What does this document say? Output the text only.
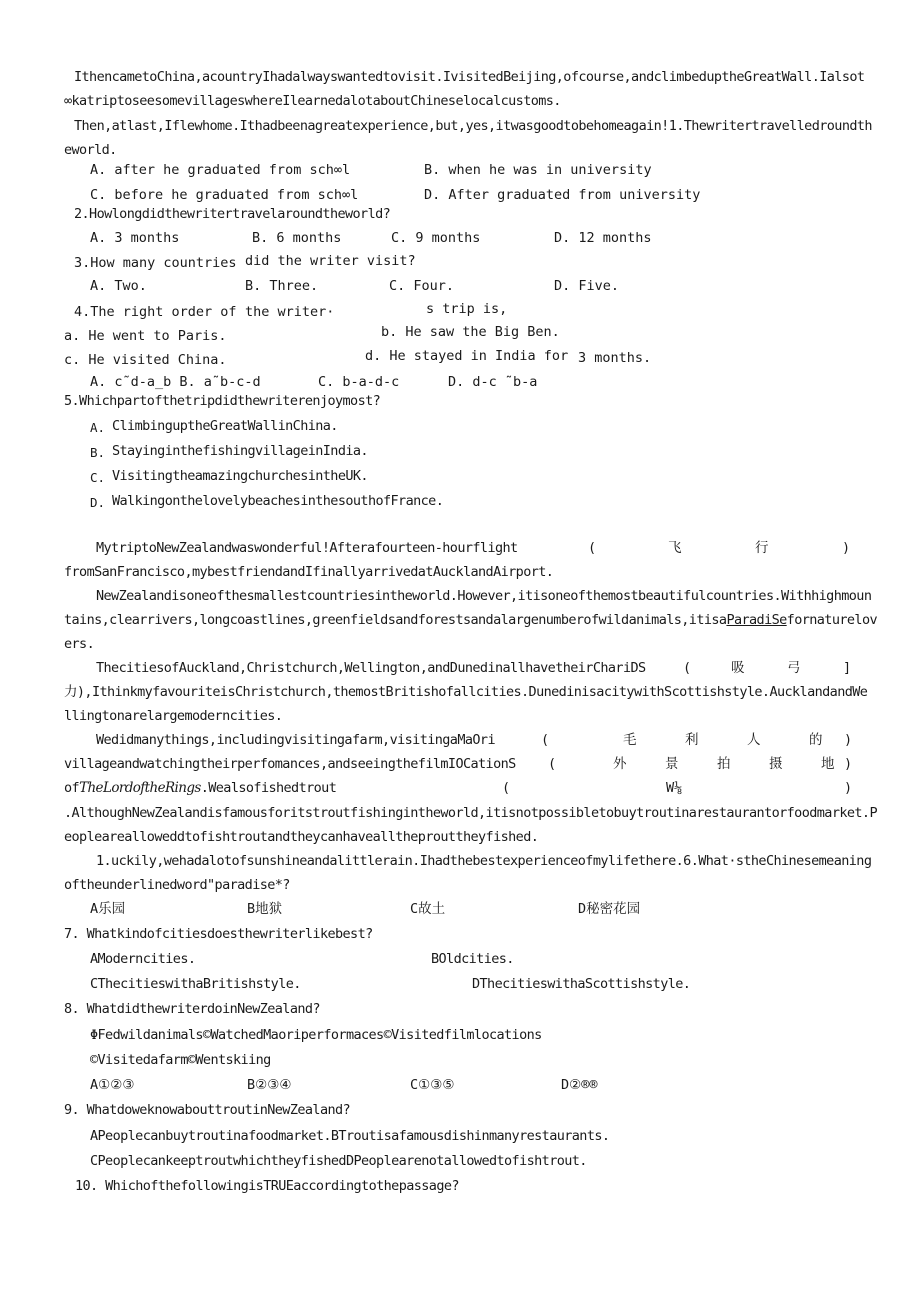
IthencametoChina,acountryIhadalwayswantedtovisit.IvisitedBeijing,ofcourse,andclimbeduptheGreatWall.Ialsot
∞katriptoseesomevillageswhereIlearnedalotaboutChineselocalcustoms.
Then,atlast,Iflewhome.Ithadbeenagreatexperience,but,yes,itwasgoodtobehomeagain!1.Thewritertravelledroundth
eworld.
A. after he graduated from sch∞l	B. when he was in university
C. before he graduated from sch∞l	D. After graduated from university
2.Howlongdidthewritertravelaroundtheworld?
A. 3 months	B. 6 months	C. 9 months	D. 12 months
3.How many countries did the writer visit?
A. Two.	B. Three.	C. Four.	D. Five.
4.The right order of the writer·	s trip is,
a. He went to Paris.	b. He saw the Big Ben.
c. He visited China.	d. He stayed in India for 3 months.
A. c˜d-a_b B. a˜b-c-d	C. b-a-d-c	D. d-c ˜b-a
5.Whichpartofthetripdidthewriterenjoymost?
A. ClimbinguptheGreatWallinChina.
B. StayinginthefishingvillageinIndia.
C. VisitingtheamazingchurchesintheUK.
D. WalkingonthelovelybeachesinthesouthofFrance.
MytriptoNewZealandwaswonderful!Afterafourteen-hourflight	(	飞	行	)
fromSanFrancisco,mybestfriendandIfinallyarrivedatAucklandAirport.
NewZealandisoneofthesmallestcountriesintheworld.However,itisoneofthemostbeautifulcountries.Withhighmoun
tains,clearrivers,longcoastlines,greenfieldsandforestsandalargenumberofwildanimals,itisaParadiSefornaturelov
ers.
ThecitiesofAuckland,Christchurch,Wellington,andDunedinallhavetheirChariDS	(	吸	弓	]
力),IthinkmyfavouriteisChristchurch,themostBritishofallcities.DunedinisacitywithScottishstyle.AucklandandWe
llingtonarelargemoderncities.
Wedidmanythings,includingvisitingafarm,visitingaMaOri	(	毛	利	人	的 )
villageandwatchingtheirperfomances,andseeingthefilmIOCationS (	外	景	拍	摄	地 )
ofTheLordoftheRings.Wealsofishedtrout	(	W⅛	)
.AlthoughNewZealandisfamousforitstroutfishingintheworld,itisnotpossibletobuytroutinarestaurantorfoodmarket.P
eoplearealloweddtofishtroutandtheycanhavealltheprouttheyfished.
1.uckily,wehadalotofsunshineandalittlerain.Ihadthebestexperienceofmylifethere.6.What·stheChinesemeaning
oftheunderlinedword"paradise*?
A乐园	B地狱	C故土	D秘密花园
7. Whatkindofcitiesdoesthewriterlikebest?
AModerncities.	BOldcities.
CThecitieswithaBritishstyle.	DThecitieswithaScottishstyle.
8. WhatdidthewriterdoinNewZealand?
ΦFedwildanimals©WatchedMaoriperformaces©Visitedfilmlocations
©Visitedafarm©Wentskiing
A①②③	B②③④	C①③⑤	D②®®
9. WhatdoweknowabouttroutinNewZealand?
APeoplecanbuytroutinafoodmarket.BTroutisafamousdishinmanyrestaurants.
CPeoplecankeeptroutwhichtheyfishedDPeoplearenotallowedtofishtrout.
10. WhichofthefollowingisTRUEaccordingtothepassage?
